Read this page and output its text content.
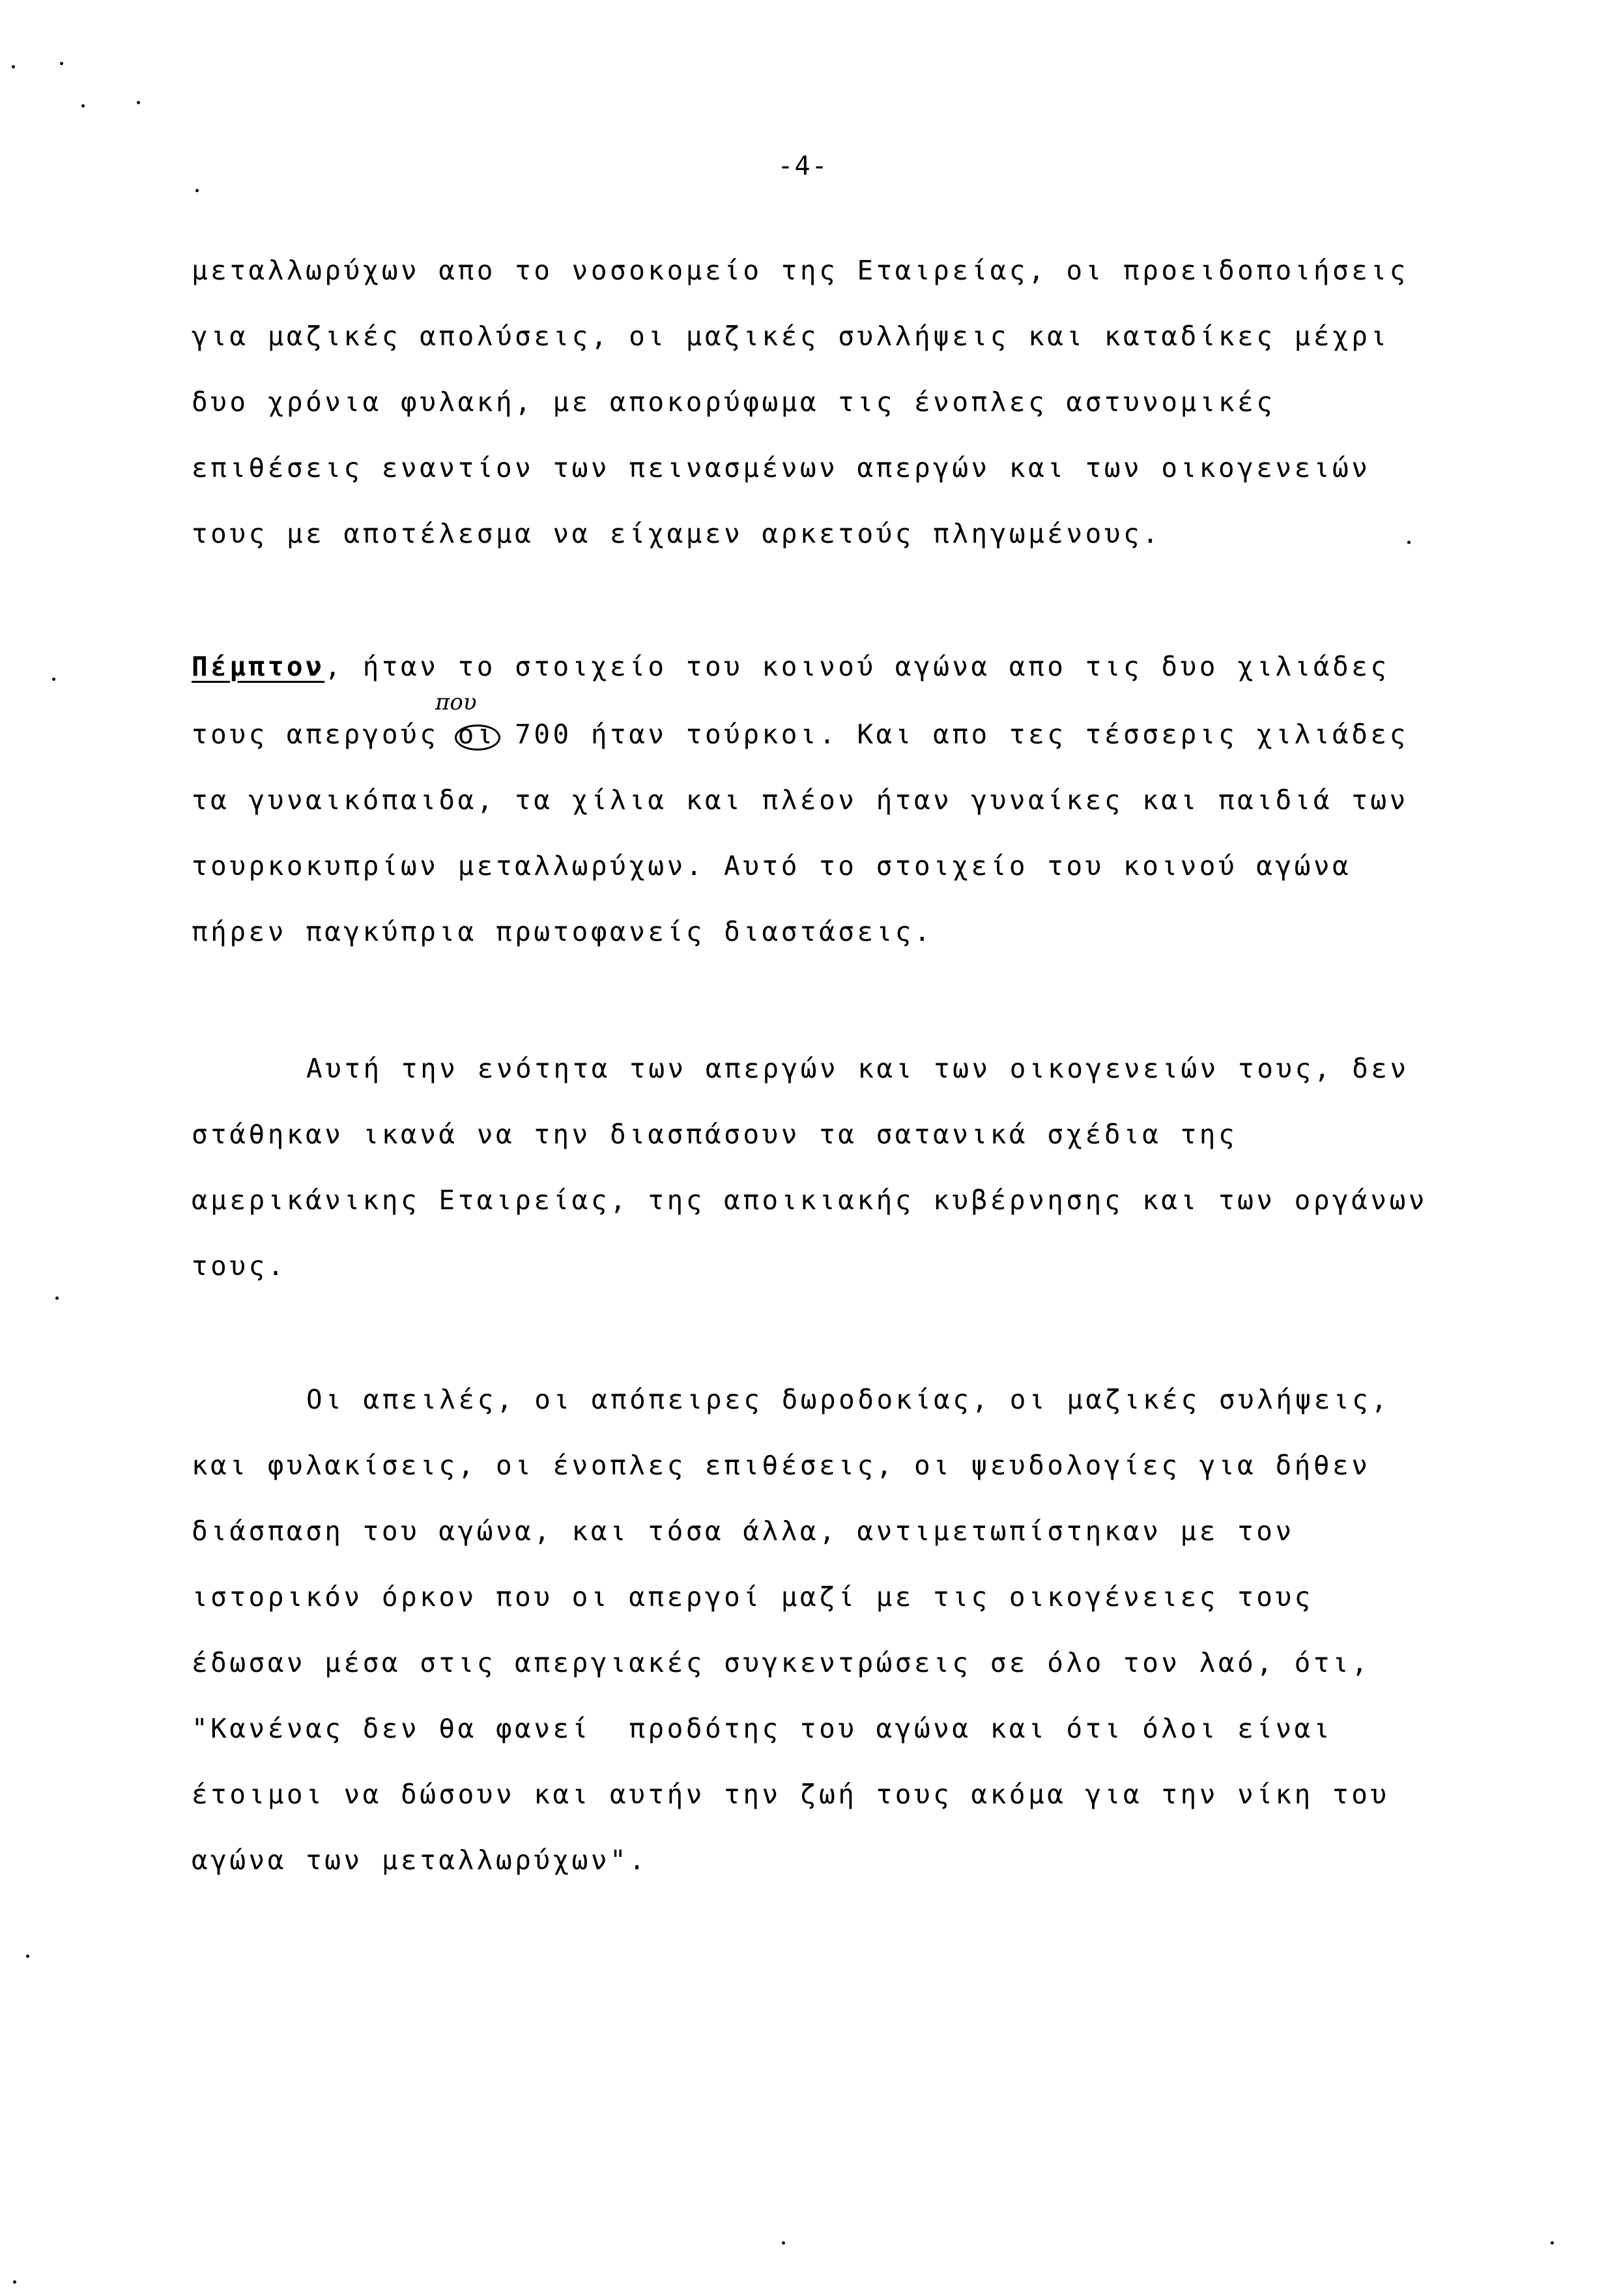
-4-
μεταλλωρύχων απο το νοσοκομείο της Εταιρείας, οι προειδοποιήσεις
για μαζικές απολύσεις, οι μαζικές συλλήψεις και καταδίκες μέχρι
δυο χρόνια φυλακή, με αποκορύφωμα τις ένοπλες αστυνομικές
επιθέσεις εναντίον των πεινασμένων απεργών και των οικογενειών
τους με αποτέλεσμα να είχαμεν αρκετούς πληγωμένους.
Πέμπτον, ήταν το στοιχείο του κοινού αγώνα απο τις δυο χιλιάδες
που
τους απεργούς οι 700 ήταν τούρκοι. Και απο τες τέσσερις χιλιάδες
τα γυναικόπαιδα, τα χίλια και πλέον ήταν γυναίκες και παιδιά των
τουρκοκυπρίων μεταλλωρύχων. Αυτό το στοιχείο του κοινού αγώνα
πήρεν παγκύπρια πρωτοφανείς διαστάσεις.
Αυτή την ενότητα των απεργών και των οικογενειών τους, δεν
στάθηκαν ικανά να την διασπάσουν τα σατανικά σχέδια της
αμερικάνικης Εταιρείας, της αποικιακής κυβέρνησης και των οργάνων
τους.
Οι απειλές, οι απόπειρες δωροδοκίας, οι μαζικές συλήψεις,
και φυλακίσεις, οι ένοπλες επιθέσεις, οι ψευδολογίες για δήθεν
διάσπαση του αγώνα, και τόσα άλλα, αντιμετωπίστηκαν με τον
ιστορικόν όρκον που οι απεργοί μαζί με τις οικογένειες τους
έδωσαν μέσα στις απεργιακές συγκεντρώσεις σε όλο τον λαό, ότι,
"Κανένας δεν θα φανεί  προδότης του αγώνα και ότι όλοι είναι
έτοιμοι να δώσουν και αυτήν την ζωή τους ακόμα για την νίκη του
αγώνα των μεταλλωρύχων".
